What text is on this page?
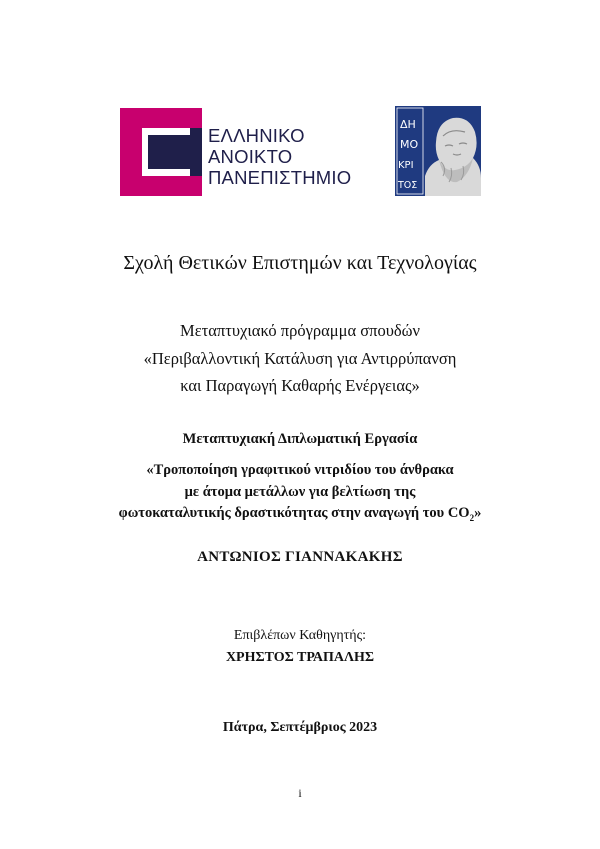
ΕΛΛΗΝΙΚΟ
ΑΝΟΙΚΤΟ
ΠΑΝΕΠΙΣΤΗΜΙΟ
ΔΗ
ΜΟ
ΚΡΙ
ΤΟΣ
Σχολή Θετικών Επιστημών και Τεχνολογίας
Μεταπτυχιακό πρόγραμμα σπουδών
«Περιβαλλοντική Κατάλυση για Αντιρρύπανση
και Παραγωγή Καθαρής Ενέργειας»
Μεταπτυχιακή Διπλωματική Εργασία
«Τροποποίηση γραφιτικού νιτριδίου του άνθρακα
με άτομα μετάλλων για βελτίωση της
φωτοκαταλυτικής δραστικότητας στην αναγωγή του $CO_2$»
ΑΝΤΩΝΙΟΣ ΓΙΑΝΝΑΚΑΚΗΣ
Επιβλέπων Καθηγητής:
ΧΡΗΣΤΟΣ ΤΡΑΠΑΛΗΣ
Πάτρα, Σεπτέμβριος 2023
i
